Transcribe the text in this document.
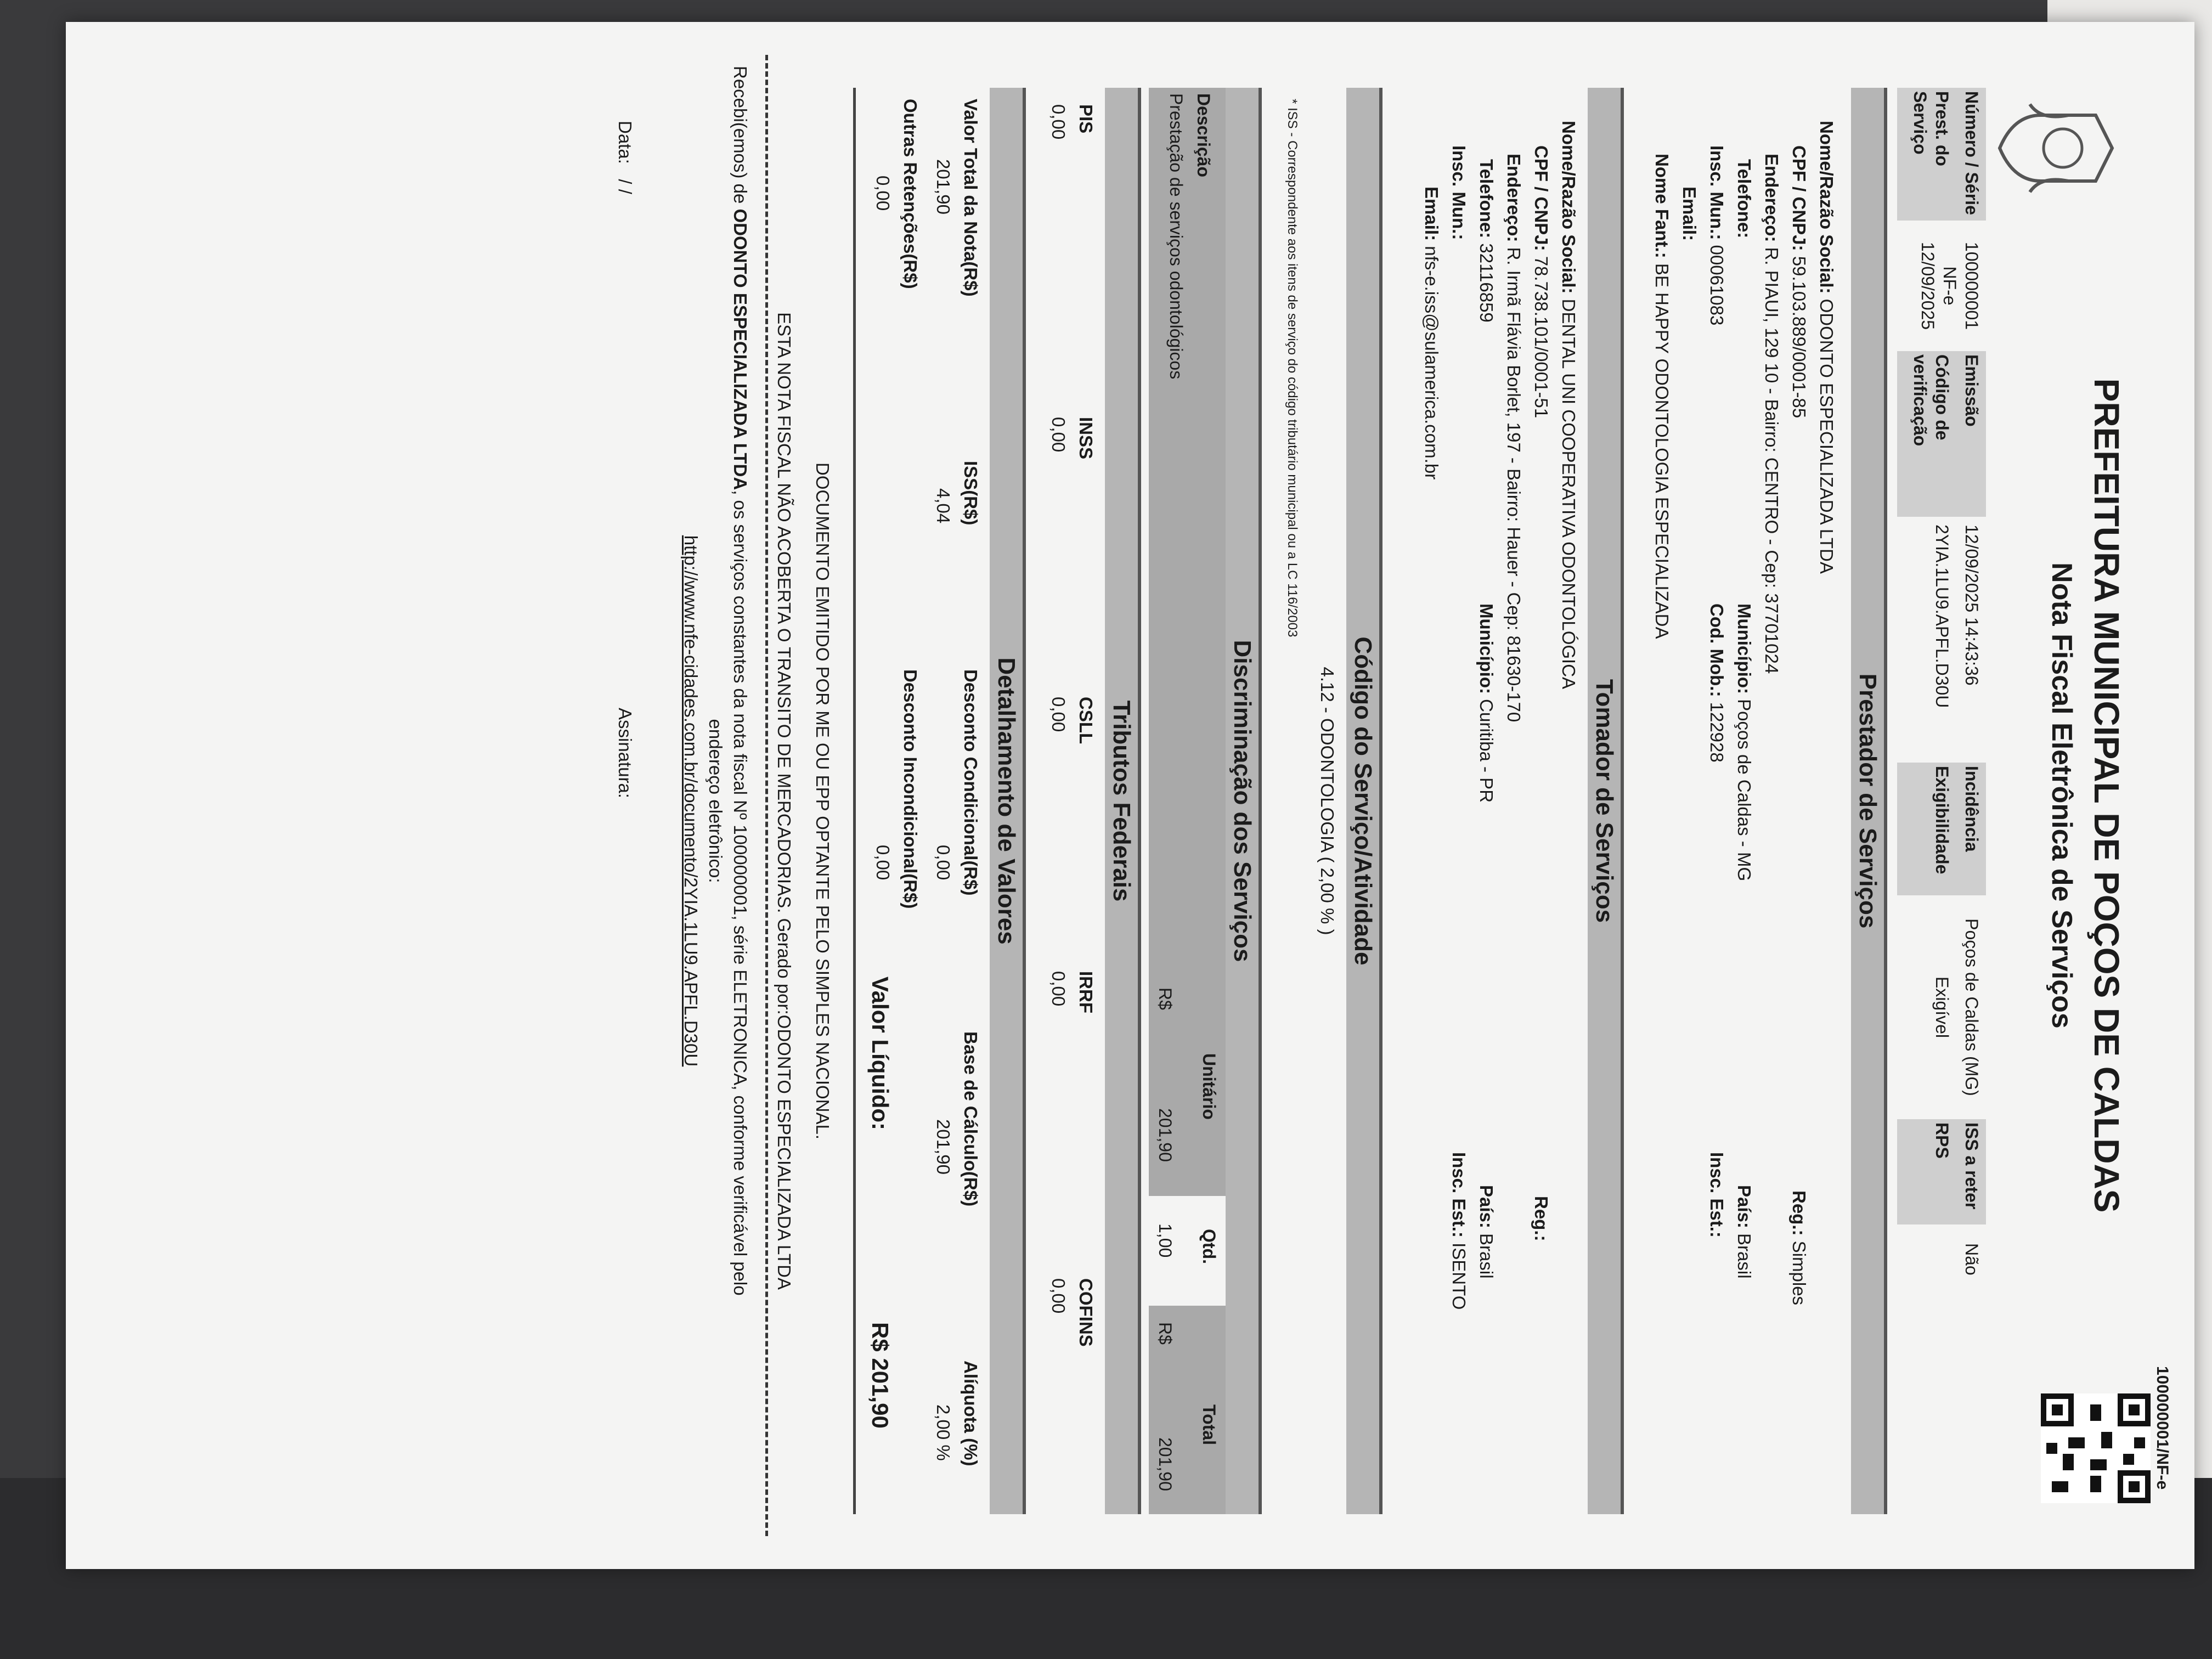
100000001/NF-e
PREFEITURA MUNICIPAL DE POÇOS DE CALDAS
Nota Fiscal Eletrônica de Serviços
Número / Série
Prest. do Serviço
100000001
NF-e
12/09/2025
Emissão
Código de verificação
12/09/2025 14:43:36
2YIA.1LU9.APFL.D30U
Incidência
Exigibilidade
Poços de Caldas (MG)
Exigível
ISS a reter
RPS
Não
Prestador de Serviços
Nome/Razão Social: ODONTO ESPECIALIZADA LTDA
CPF / CNPJ: 59.103.889/0001-85
Reg.: Simples
Endereço: R. PIAUI, 129 10 - Bairro: CENTRO - Cep: 37701024
Telefone:
Município: Poços de Caldas - MG
País: Brasil
Insc. Mun.: 00061083
Cod. Mob.: 122928
Insc. Est.:
Email:
Nome Fant.: BE HAPPY ODONTOLOGIA ESPECIALIZADA
Tomador de Serviços
Nome/Razão Social: DENTAL UNI COOPERATIVA ODONTOLÓGICA
CPF / CNPJ: 78.738.101/0001-51
Reg.:
Endereço: R. Irmã Flávia Borlet, 197 - Bairro: Hauer - Cep: 81630-170
Telefone: 32116859
Município: Curitiba - PR
País: Brasil
Insc. Mun.:
Insc. Est.: ISENTO
Email: nfs-e.iss@sulamerica.com.br
Código do Serviço/Atividade
4.12 - ODONTOLOGIA ( 2,00 % )
* ISS - Correspondente aos itens de serviço do código tributário municipal ou a LC 116/2003
Discriminação dos Serviços
Descrição
Prestação de serviços odontológicos
R$
Unitário
201,90
Qtd.
1,00
R$
Total
201,90
Tributos Federais
PIS
0,00
INSS
0,00
CSLL
0,00
IRRF
0,00
COFINS
0,00
Detalhamento de Valores
Valor Total da Nota(R$)
201,90
ISS(R$)
4,04
Desconto Condicional(R$)
0,00
Base de Cálculo(R$)
201,90
Alíquota (%)
2,00 %
Outras Retenções(R$)
0,00
Desconto Incondicional(R$)
0,00
Valor Líquido:
R$ 201,90
DOCUMENTO EMITIDO POR ME OU EPP OPTANTE PELO SIMPLES NACIONAL.
ESTA NOTA FISCAL NÃO ACOBERTA O TRANSITO DE MERCADORIAS. Gerado por:ODONTO ESPECIALIZADA LTDA
Recebi(emos) de ODONTO ESPECIALIZADA LTDA, os serviços constantes da nota fiscal Nº 100000001, série ELETRONICA, conforme verificável pelo
endereço eletrônico:
http://www.nfe-cidades.com.br/documento/2YIA.1LU9.APFL.D30U
Data:   / /
Assinatura:
